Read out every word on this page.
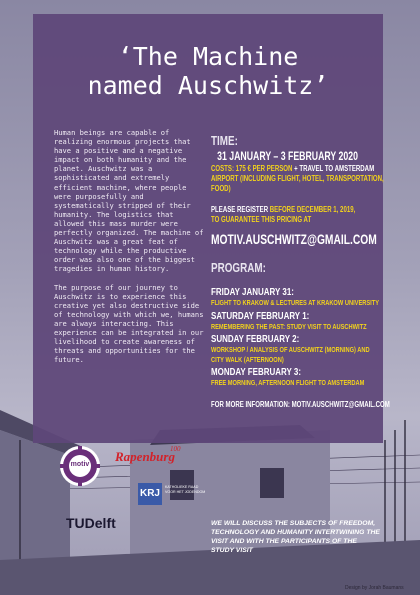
‘The Machine
named Auschwitz’

Human beings are capable of realizing enormous projects that have a positive and a negative impact on both humanity and the planet. Auschwitz was a sophisticated and extremely efficient machine, where people were purposefully and systematically stripped of their humanity. The logistics that allowed this mass murder were perfectly organized. The machine of Auschwitz was a great feat of technology while the productive order was also one of the biggest tragedies in human history.

The purpose of our journey to Auschwitz is to experience this creative yet also destructive side of technology with which we, humans are always interacting. This experience can be integrated in our livelihood to create awareness of threats and opportunities for the future.

TIME:
31 JANUARY – 3 FEBRUARY 2020
COSTS: 175 € PER PERSON + TRAVEL TO AMSTERDAM
AIRPORT (INCLUDING FLIGHT, HOTEL, TRANSPORTATION,
FOOD)
PLEASE REGISTER BEFORE DECEMBER 1, 2019,
TO GUARANTEE THIS PRICING AT
MOTIV.AUSCHWITZ@GMAIL.COM
PROGRAM:
FRIDAY JANUARY 31:
FLIGHT TO KRAKOW & LECTURES AT KRAKOW UNIVERSITY
SATURDAY FEBRUARY 1:
REMEMBERING THE PAST: STUDY VISIT TO AUSCHWITZ
SUNDAY FEBRUARY 2:
WORKSHOP / ANALYSIS OF AUSCHWITZ (MORNING) AND CITY WALK (AFTERNOON)
MONDAY FEBRUARY 3:
FREE MORNING, AFTERNOON FLIGHT TO AMSTERDAM
FOR MORE INFORMATION: MOTIV.AUSCHWITZ@GMAIL.COM
motiv
Rapenburg
100
KRJ
KATHOLIEKE RAAD VOOR HET JODENDOM
TUDelft	WE WILL DISCUSS THE SUBJECTS OF FREEDOM, TECHNOLOGY AND HUMANITY INTERTWINING THE VISIT AND WITH THE PARTICIPANTS OF THE STUDY VISIT
Design by Jorah Baumans
